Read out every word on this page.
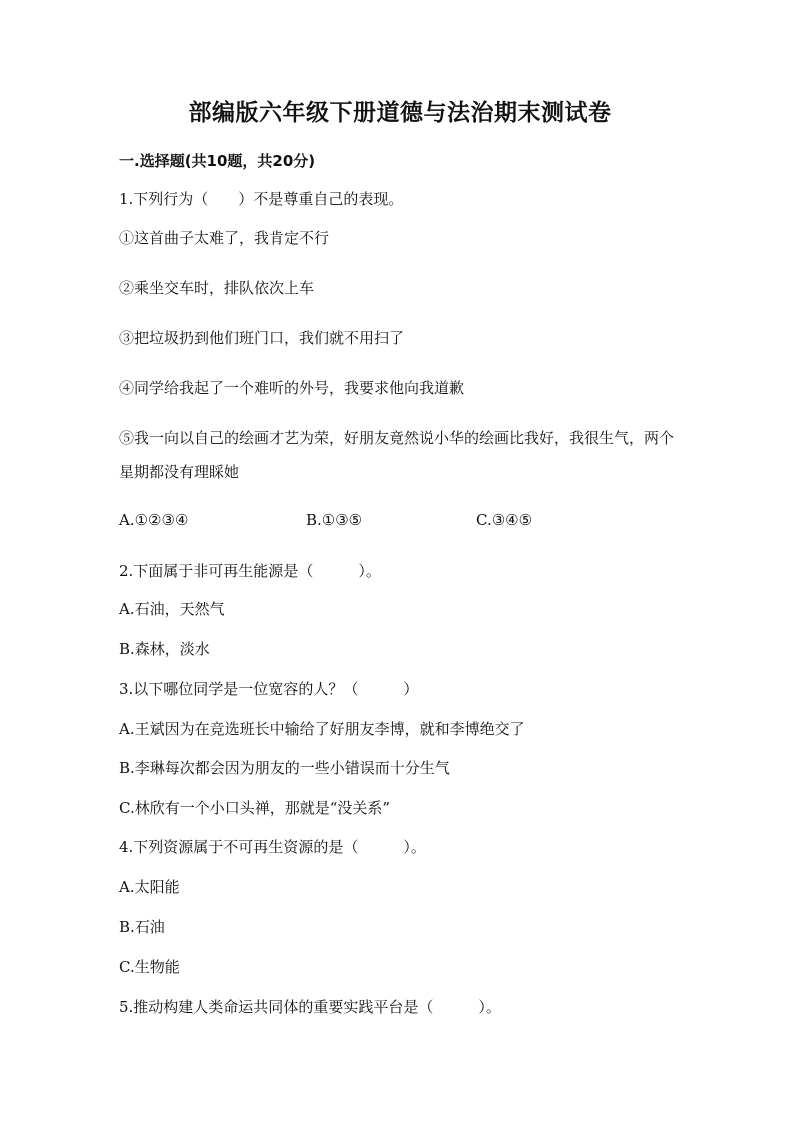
部编版六年级下册道德与法治期末测试卷
一.选择题(共10题，共20分)
1.下列行为（　　）不是尊重自己的表现。
①这首曲子太难了，我肯定不行
②乘坐交车时，排队依次上车
③把垃圾扔到他们班门口，我们就不用扫了
④同学给我起了一个难听的外号，我要求他向我道歉
⑤我一向以自己的绘画才艺为荣，好朋友竟然说小华的绘画比我好，我很生气，两个星期都没有理睬她
A.①②③④	B.①③⑤	C.③④⑤
2.下面属于非可再生能源是（　　　）。
A.石油，天然气
B.森林，淡水
3.以下哪位同学是一位宽容的人？（　　　）
A.王斌因为在竞选班长中输给了好朋友李博，就和李博绝交了
B.李琳每次都会因为朋友的一些小错误而十分生气
C.林欣有一个小口头禅，那就是“没关系”
4.下列资源属于不可再生资源的是（　　　）。
A.太阳能
B.石油
C.生物能
5.推动构建人类命运共同体的重要实践平台是（　　　）。
